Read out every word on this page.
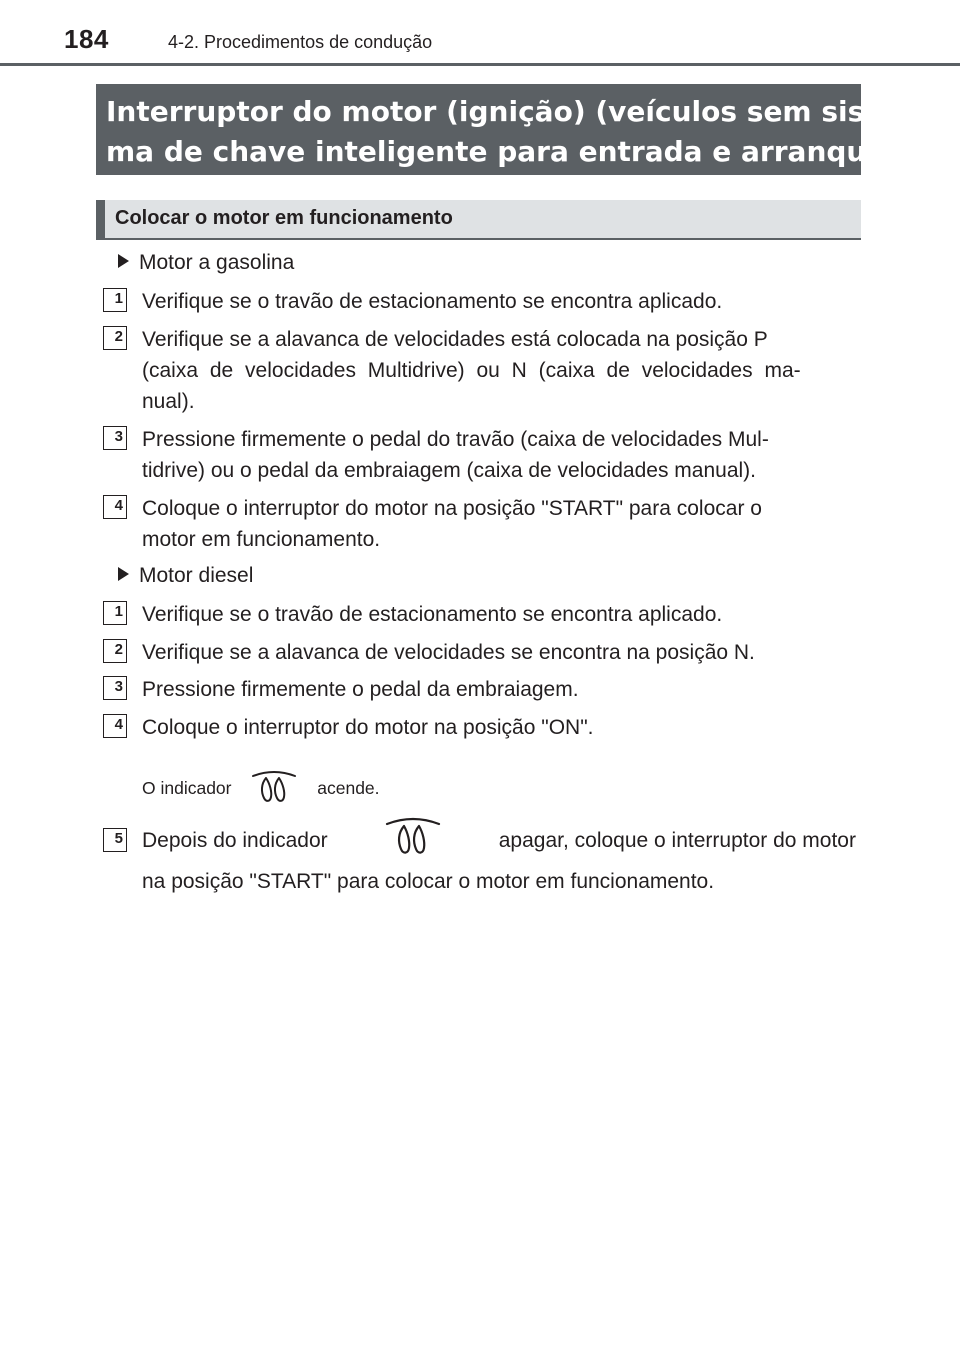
184	4-2. Procedimentos de condução
Interruptor do motor (ignição) (veículos sem siste-
ma de chave inteligente para entrada e arranque)
Colocar o motor em funcionamento
Motor a gasolina
1 Verifique se o travão de estacionamento se encontra aplicado.
2 Verifique se a alavanca de velocidades está colocada na posição P
(caixa de velocidades Multidrive) ou N (caixa de velocidades ma-
nual).
3 Pressione firmemente o pedal do travão (caixa de velocidades Mul-
tidrive) ou o pedal da embraiagem (caixa de velocidades manual).
4 Coloque o interruptor do motor na posição "START" para colocar o
motor em funcionamento.
Motor diesel
1 Verifique se o travão de estacionamento se encontra aplicado.
2 Verifique se a alavanca de velocidades se encontra na posição N.
3 Pressione firmemente o pedal da embraiagem.
4 Coloque o interruptor do motor na posição "ON".
O indicador	acende.
5 Depois do indicador	apagar, coloque o interruptor do motor
na posição "START" para colocar o motor em funcionamento.
